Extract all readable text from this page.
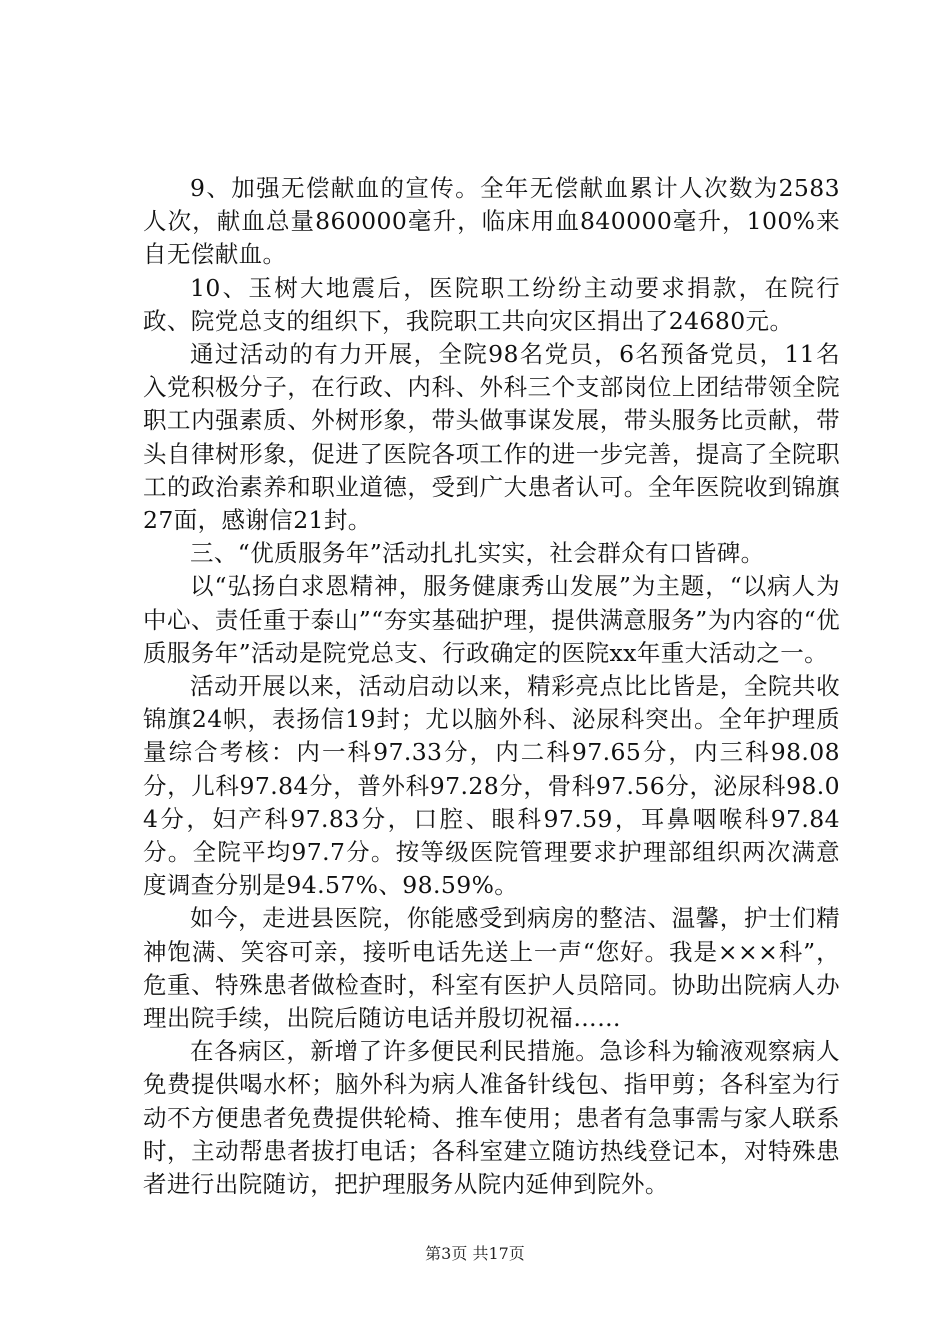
9、加强无偿献血的宣传。全年无偿献血累计人次数为2583人次，献血总量860000毫升，临床用血840000毫升，100%来自无偿献血。

10、玉树大地震后，医院职工纷纷主动要求捐款，在院行政、院党总支的组织下，我院职工共向灾区捐出了24680元。

通过活动的有力开展，全院98名党员，6名预备党员，11名入党积极分子，在行政、内科、外科三个支部岗位上团结带领全院职工内强素质、外树形象，带头做事谋发展，带头服务比贡献，带头自律树形象，促进了医院各项工作的进一步完善，提高了全院职工的政治素养和职业道德，受到广大患者认可。全年医院收到锦旗27面，感谢信21封。

三、“优质服务年”活动扎扎实实，社会群众有口皆碑。

以“弘扬白求恩精神，服务健康秀山发展”为主题，“以病人为中心、责任重于泰山”“夯实基础护理，提供满意服务”为内容的“优质服务年”活动是院党总支、行政确定的医院xx年重大活动之一。

活动开展以来，活动启动以来，精彩亮点比比皆是，全院共收锦旗24帜，表扬信19封；尤以脑外科、泌尿科突出。全年护理质量综合考核：内一科97.33分，内二科97.65分，内三科98.08分，儿科97.84分，普外科97.28分，骨科97.56分，泌尿科98.04分，妇产科97.83分，口腔、眼科97.59，耳鼻咽喉科97.84分。全院平均97.7分。按等级医院管理要求护理部组织两次满意度调查分别是94.57%、98.59%。

如今，走进县医院，你能感受到病房的整洁、温馨，护士们精神饱满、笑容可亲，接听电话先送上一声“您好。我是×××科”，危重、特殊患者做检查时，科室有医护人员陪同。协助出院病人办理出院手续，出院后随访电话并殷切祝福……

在各病区，新增了许多便民利民措施。急诊科为输液观察病人免费提供喝水杯；脑外科为病人准备针线包、指甲剪；各科室为行动不方便患者免费提供轮椅、推车使用；患者有急事需与家人联系时，主动帮患者拔打电话；各科室建立随访热线登记本，对特殊患者进行出院随访，把护理服务从院内延伸到院外。

第3页 共17页
